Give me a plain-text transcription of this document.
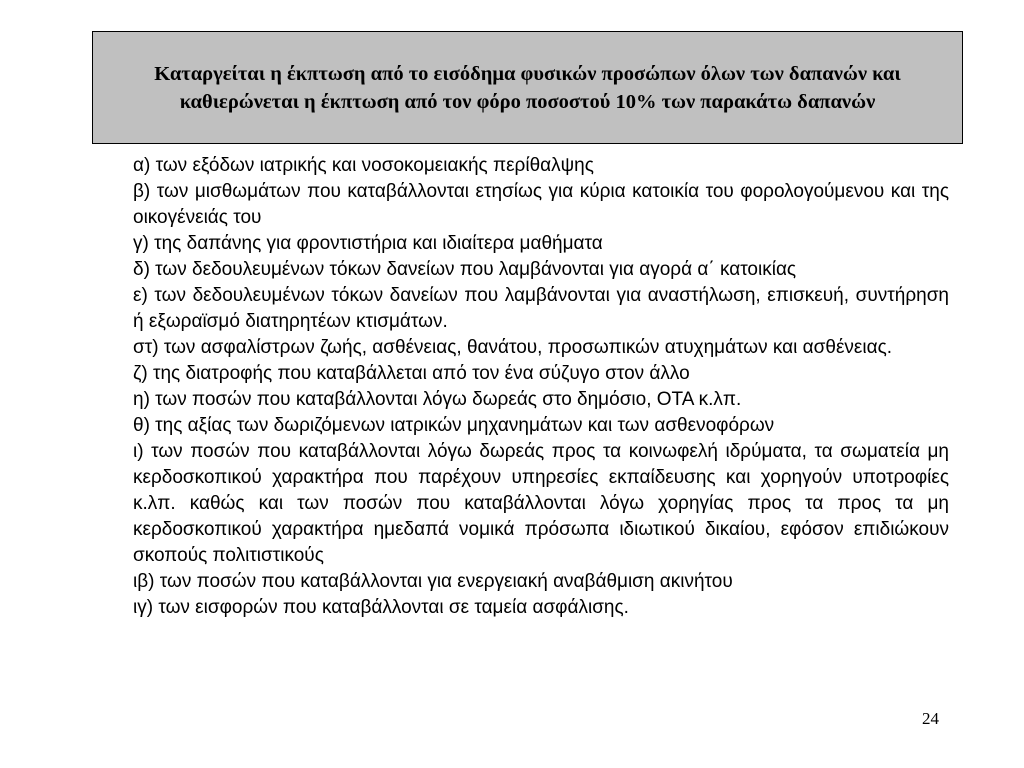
Καταργείται η έκπτωση από το εισόδημα φυσικών προσώπων όλων των δαπανών και καθιερώνεται η έκπτωση από τον φόρο ποσοστού 10% των παρακάτω δαπανών
α) των εξόδων ιατρικής και νοσοκομειακής περίθαλψης
β) των μισθωμάτων που καταβάλλονται ετησίως για κύρια κατοικία του φορολογούμενου και της οικογένειάς του
γ) της δαπάνης για φροντιστήρια και ιδιαίτερα μαθήματα
δ) των δεδουλευμένων τόκων δανείων που λαμβάνονται για αγορά α΄ κατοικίας
ε) των δεδουλευμένων τόκων δανείων που λαμβάνονται για αναστήλωση, επισκευή, συντήρηση ή εξωραϊσμό διατηρητέων κτισμάτων.
στ) των ασφαλίστρων ζωής, ασθένειας, θανάτου, προσωπικών ατυχημάτων και ασθένειας.
ζ) της διατροφής που καταβάλλεται από τον ένα σύζυγο στον άλλο
η) των ποσών που καταβάλλονται λόγω δωρεάς στο δημόσιο, ΟΤΑ κ.λπ.
θ) της αξίας των δωριζόμενων ιατρικών μηχανημάτων και των ασθενοφόρων
ι) των ποσών που καταβάλλονται λόγω δωρεάς προς τα κοινωφελή ιδρύματα, τα σωματεία μη κερδοσκοπικού χαρακτήρα που παρέχουν υπηρεσίες εκπαίδευσης και χορηγούν υποτροφίες κ.λπ. καθώς και των ποσών που καταβάλλονται λόγω χορηγίας προς τα προς τα μη κερδοσκοπικού χαρακτήρα ημεδαπά νομικά πρόσωπα ιδιωτικού δικαίου, εφόσον επιδιώκουν σκοπούς πολιτιστικούς
ιβ) των ποσών που καταβάλλονται για ενεργειακή αναβάθμιση ακινήτου
ιγ) των εισφορών που καταβάλλονται σε ταμεία ασφάλισης.
24
